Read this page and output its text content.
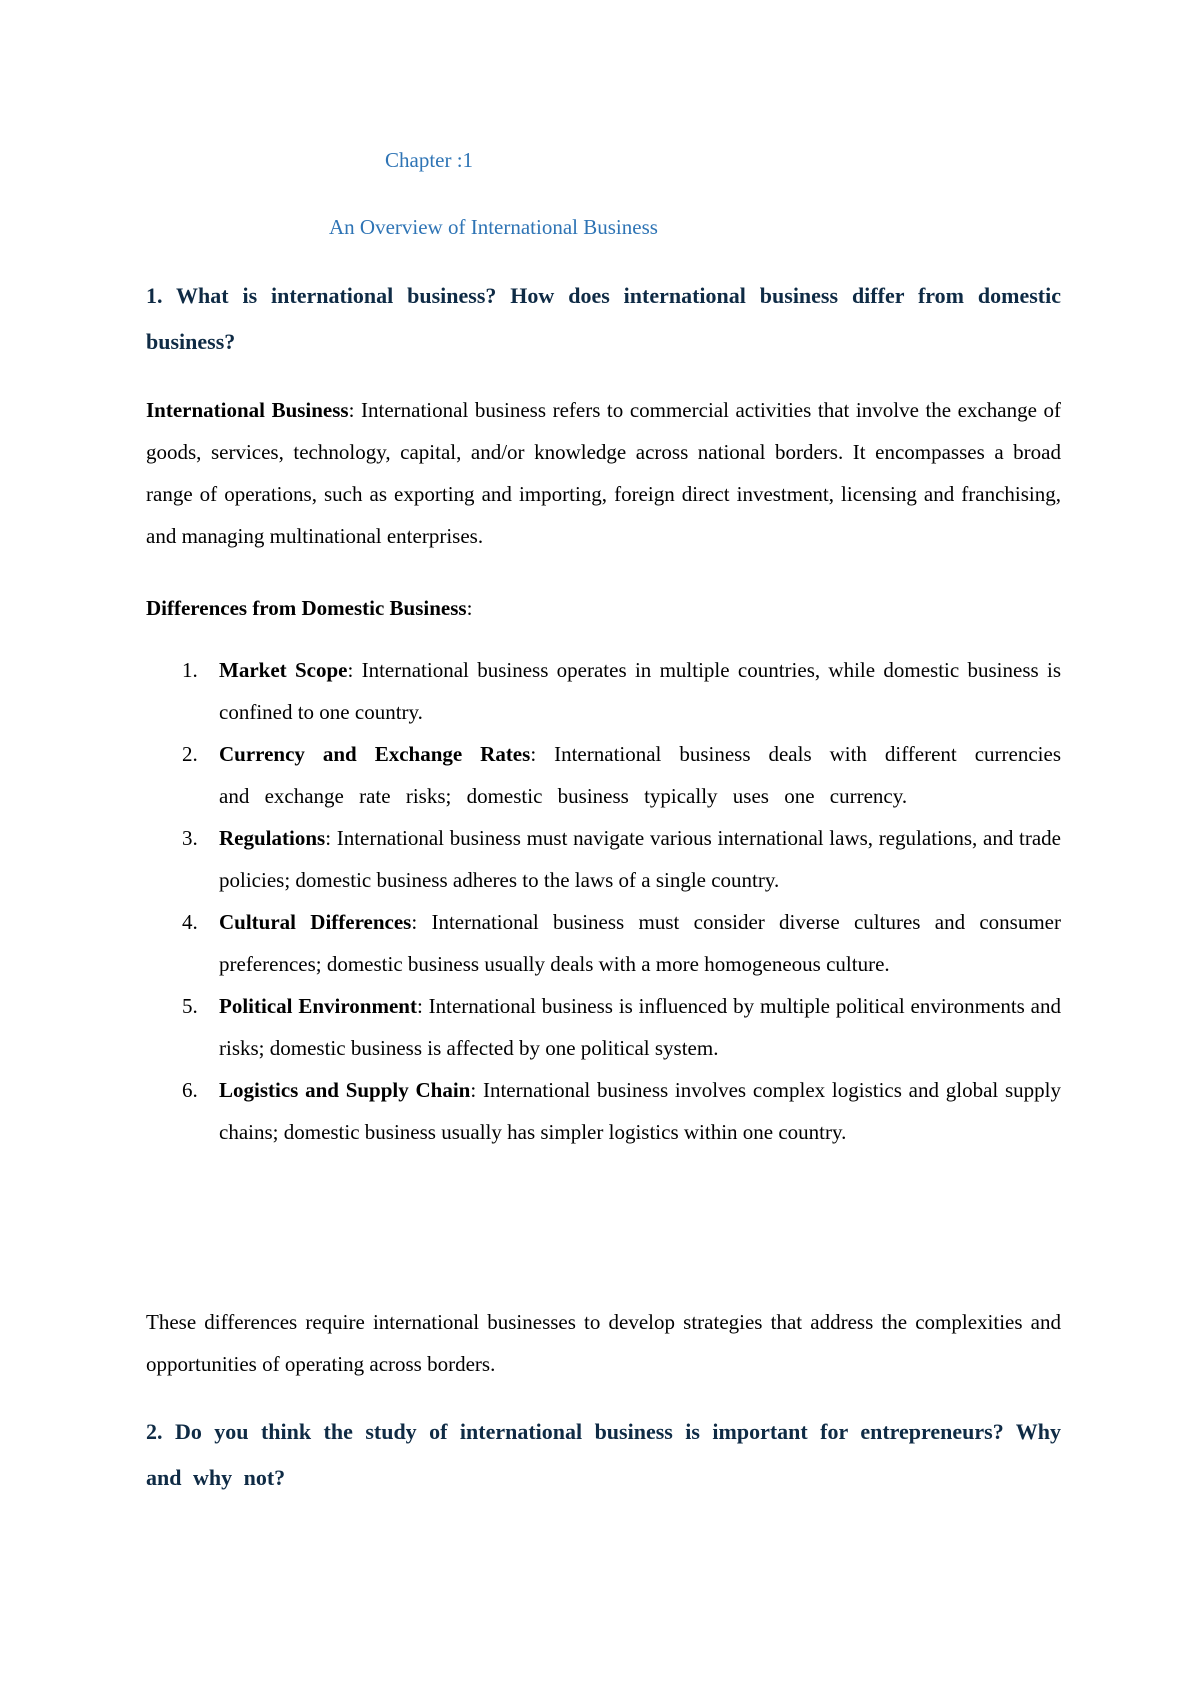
Chapter :1
An Overview of International Business
1. What is international business? How does international business differ from domestic business?
International Business: International business refers to commercial activities that involve the exchange of goods, services, technology, capital, and/or knowledge across national borders. It encompasses a broad range of operations, such as exporting and importing, foreign direct investment, licensing and franchising, and managing multinational enterprises.
Differences from Domestic Business:
1. Market Scope: International business operates in multiple countries, while domestic business is confined to one country.
2. Currency and Exchange Rates: International business deals with different currencies and exchange rate risks; domestic business typically uses one currency.
3. Regulations: International business must navigate various international laws, regulations, and trade policies; domestic business adheres to the laws of a single country.
4. Cultural Differences: International business must consider diverse cultures and consumer preferences; domestic business usually deals with a more homogeneous culture.
5. Political Environment: International business is influenced by multiple political environments and risks; domestic business is affected by one political system.
6. Logistics and Supply Chain: International business involves complex logistics and global supply chains; domestic business usually has simpler logistics within one country.
These differences require international businesses to develop strategies that address the complexities and opportunities of operating across borders.
2. Do you think the study of international business is important for entrepreneurs? Why and why not?
